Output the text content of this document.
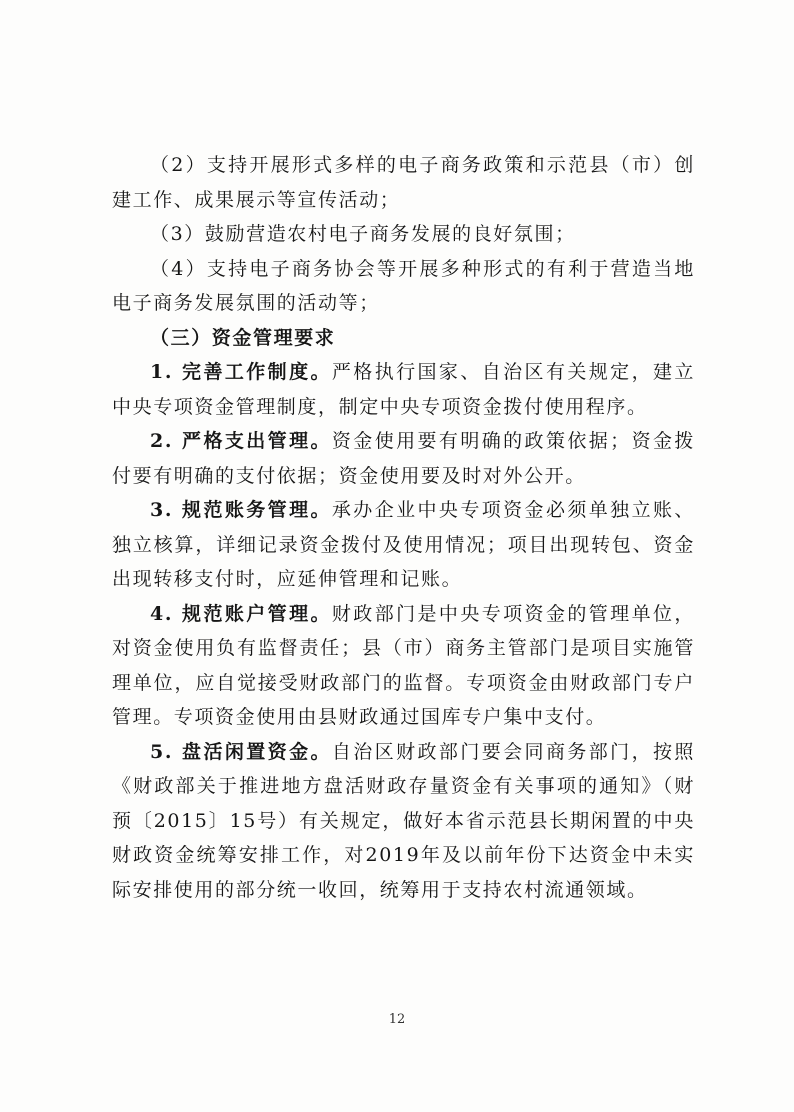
（2）支持开展形式多样的电子商务政策和示范县（市）创建工作、成果展示等宣传活动；

（3）鼓励营造农村电子商务发展的良好氛围；

（4）支持电子商务协会等开展多种形式的有利于营造当地电子商务发展氛围的活动等；

（三）资金管理要求

1. 完善工作制度。严格执行国家、自治区有关规定，建立中央专项资金管理制度，制定中央专项资金拨付使用程序。

2. 严格支出管理。资金使用要有明确的政策依据；资金拨付要有明确的支付依据；资金使用要及时对外公开。

3. 规范账务管理。承办企业中央专项资金必须单独立账、独立核算，详细记录资金拨付及使用情况；项目出现转包、资金出现转移支付时，应延伸管理和记账。

4. 规范账户管理。财政部门是中央专项资金的管理单位，对资金使用负有监督责任；县（市）商务主管部门是项目实施管理单位，应自觉接受财政部门的监督。专项资金由财政部门专户管理。专项资金使用由县财政通过国库专户集中支付。

5. 盘活闲置资金。自治区财政部门要会同商务部门，按照《财政部关于推进地方盘活财政存量资金有关事项的通知》（财预〔2015〕15号）有关规定，做好本省示范县长期闲置的中央财政资金统筹安排工作，对2019年及以前年份下达资金中未实际安排使用的部分统一收回，统筹用于支持农村流通领域。

12
